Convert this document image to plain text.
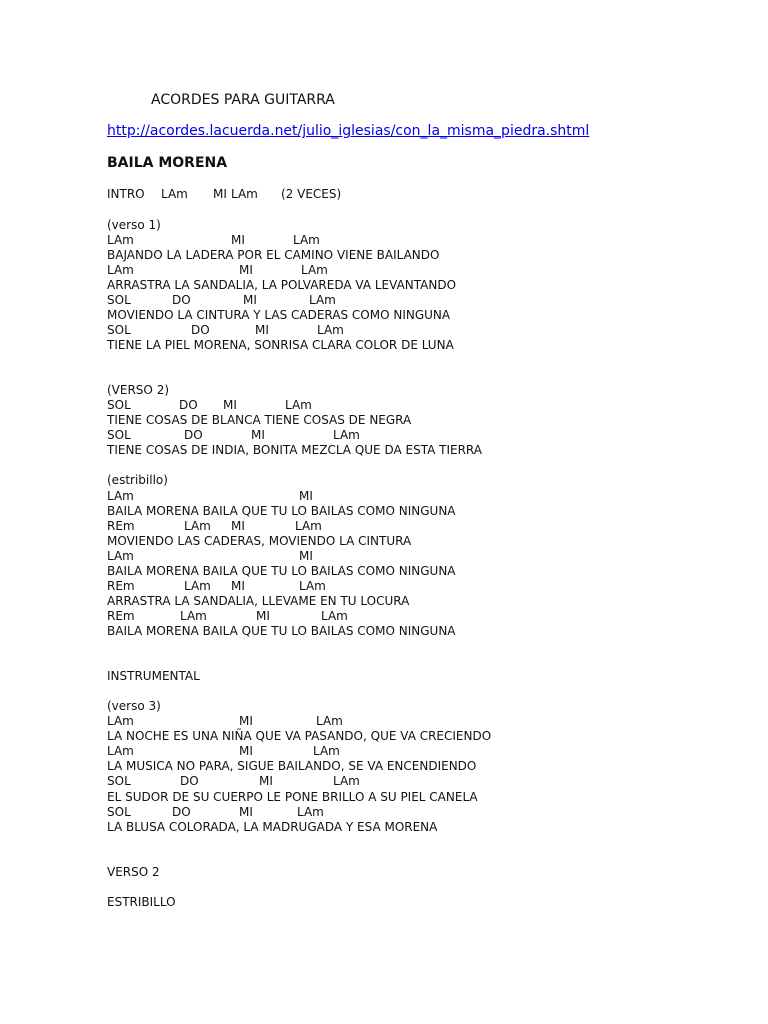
ACORDES PARA GUITARRA
http://acordes.lacuerda.net/julio_iglesias/con_la_misma_piedra.shtml
BAILA MORENA
INTRO LAm MI LAm (2 VECES)
(verso 1)
LAm	MI	LAm
BAJANDO LA LADERA POR EL CAMINO VIENE BAILANDO
LAm	MI	LAm
ARRASTRA LA SANDALIA, LA POLVAREDA VA LEVANTANDO
SOL	DO	MI	LAm
MOVIENDO LA CINTURA Y LAS CADERAS COMO NINGUNA
SOL	DO	MI	LAm
TIENE LA PIEL MORENA, SONRISA CLARA COLOR DE LUNA
(VERSO 2)
SOL	DO MI	LAm
TIENE COSAS DE BLANCA TIENE COSAS DE NEGRA
SOL	DO	MI	LAm
TIENE COSAS DE INDIA, BONITA MEZCLA QUE DA ESTA TIERRA
(estribillo)
LAm	MI
BAILA MORENA BAILA QUE TU LO BAILAS COMO NINGUNA
REm	LAm MI	LAm
MOVIENDO LAS CADERAS, MOVIENDO LA CINTURA
LAm	MI
BAILA MORENA BAILA QUE TU LO BAILAS COMO NINGUNA
REm	LAm MI	LAm
ARRASTRA LA SANDALIA, LLEVAME EN TU LOCURA
REm	LAm	MI	LAm
BAILA MORENA BAILA QUE TU LO BAILAS COMO NINGUNA
INSTRUMENTAL
(verso 3)
LAm	MI	LAm
LA NOCHE ES UNA NIÑA QUE VA PASANDO, QUE VA CRECIENDO
LAm	MI	LAm
LA MUSICA NO PARA, SIGUE BAILANDO, SE VA ENCENDIENDO
SOL	DO	MI	LAm
EL SUDOR DE SU CUERPO LE PONE BRILLO A SU PIEL CANELA
SOL	DO	MI	LAm
LA BLUSA COLORADA, LA MADRUGADA Y ESA MORENA
VERSO 2
ESTRIBILLO
